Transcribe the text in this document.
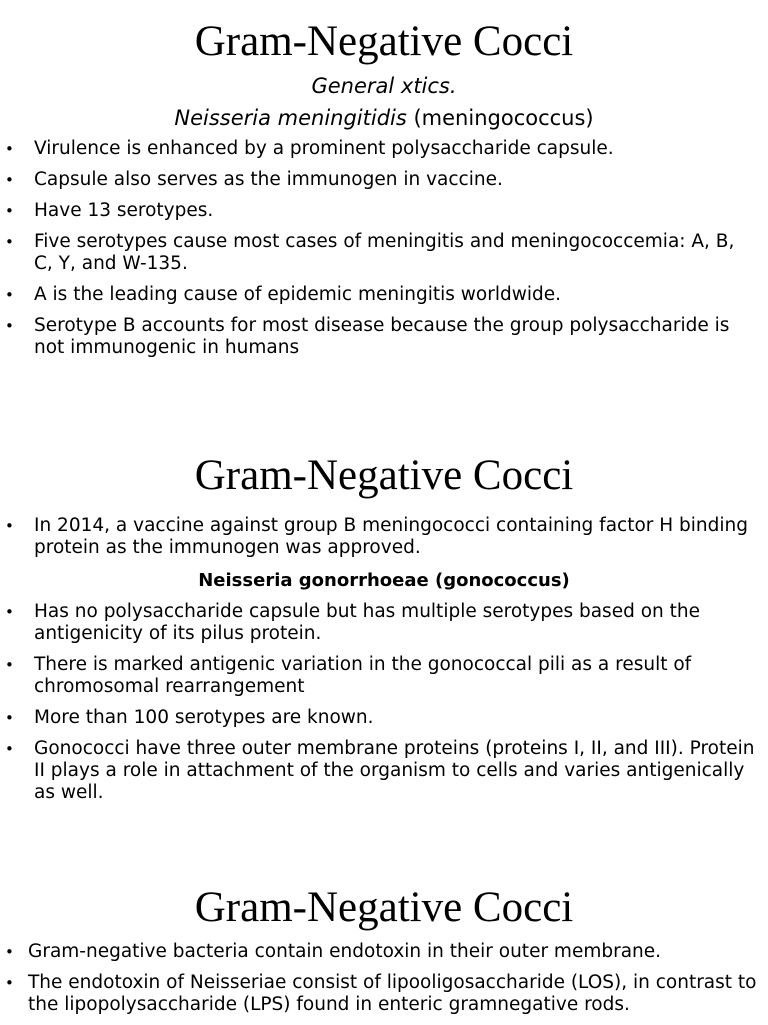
Gram-Negative Cocci

General xtics.

Neisseria meningitidis (meningococcus)

• Virulence is enhanced by a prominent polysaccharide capsule.
• Capsule also serves as the immunogen in vaccine.
• Have 13 serotypes.
• Five serotypes cause most cases of meningitis and meningococcemia: A, B, C, Y, and W-135.
• A is the leading cause of epidemic meningitis worldwide.
• Serotype B accounts for most disease because the group polysaccharide is not immunogenic in humans
Gram-Negative Cocci
• In 2014, a vaccine against group B meningococci containing factor H binding protein as the immunogen was approved.

Neisseria gonorrhoeae (gonococcus)

• Has no polysaccharide capsule but has multiple serotypes based on the antigenicity of its pilus protein.
• There is marked antigenic variation in the gonococcal pili as a result of chromosomal rearrangement
• More than 100 serotypes are known.
• Gonococci have three outer membrane proteins (proteins I, II, and III). Protein II plays a role in attachment of the organism to cells and varies antigenically as well.
Gram-Negative Cocci
• Gram-negative bacteria contain endotoxin in their outer membrane.
• The endotoxin of Neisseriae consist of lipooligosaccharide (LOS), in contrast to the lipopolysaccharide (LPS) found in enteric gramnegative rods.
